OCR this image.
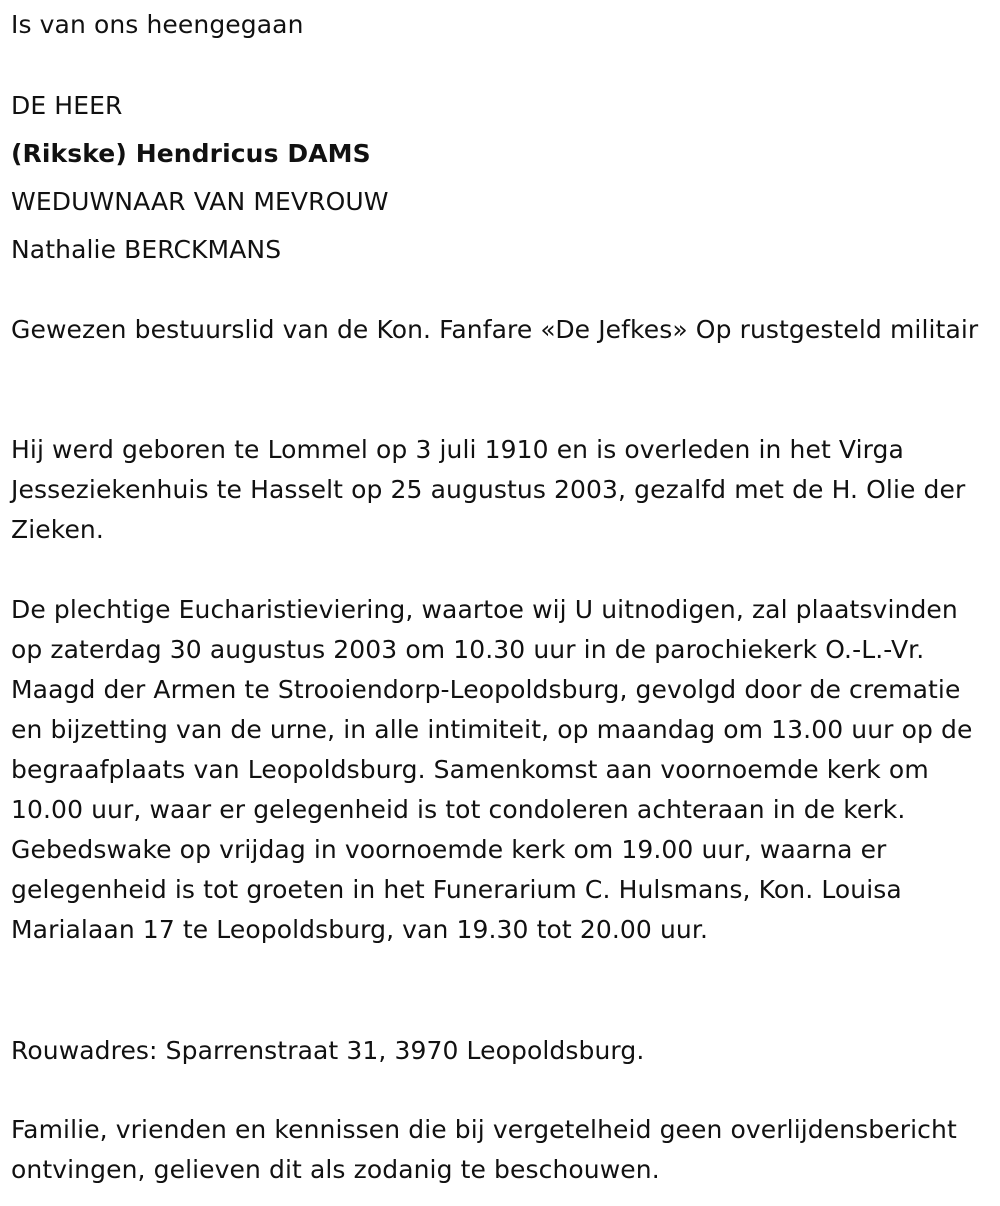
Is van ons heengegaan
DE HEER
(Rikske) Hendricus DAMS
WEDUWNAAR VAN MEVROUW
Nathalie BERCKMANS
Gewezen bestuurslid van de Kon. Fanfare «De Jefkes» Op rustgesteld militair
Hij werd geboren te Lommel op 3 juli 1910 en is overleden in het Virga Jesseziekenhuis te Hasselt op 25 augustus 2003, gezalfd met de H. Olie der Zieken.
De plechtige Eucharistieviering, waartoe wij U uitnodigen, zal plaatsvinden op zaterdag 30 augustus 2003 om 10.30 uur in de parochiekerk O.-L.-Vr. Maagd der Armen te Strooiendorp-Leopoldsburg, gevolgd door de crematie en bijzetting van de urne, in alle intimiteit, op maandag om 13.00 uur op de begraafplaats van Leopoldsburg. Samenkomst aan voornoemde kerk om 10.00 uur, waar er gelegenheid is tot condoleren achteraan in de kerk. Gebedswake op vrijdag in voornoemde kerk om 19.00 uur, waarna er gelegenheid is tot groeten in het Funerarium C. Hulsmans, Kon. Louisa Marialaan 17 te Leopoldsburg, van 19.30 tot 20.00 uur.
Rouwadres: Sparrenstraat 31, 3970 Leopoldsburg.
Familie, vrienden en kennissen die bij vergetelheid geen overlijdensbericht ontvingen, gelieven dit als zodanig te beschouwen.
